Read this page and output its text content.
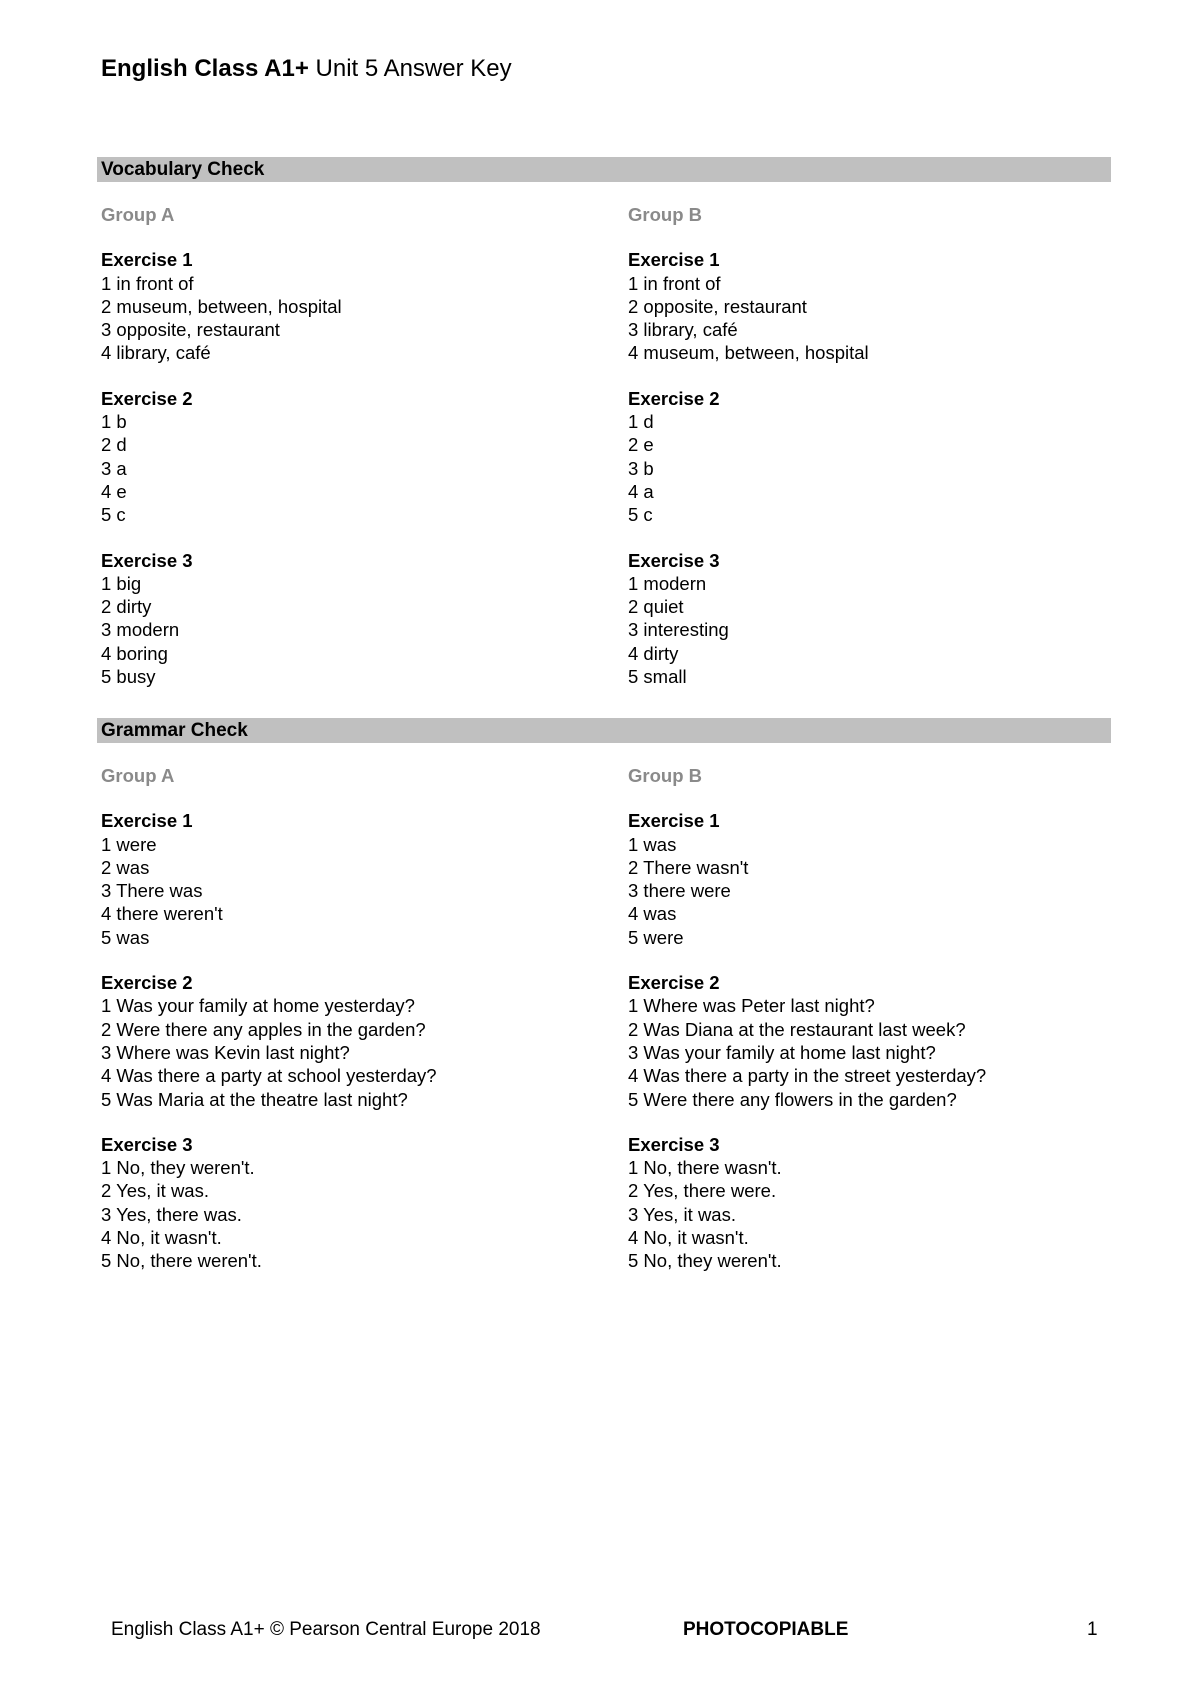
English Class A1+ Unit 5 Answer Key
Vocabulary Check
Group A
Exercise 1
1 in front of
2 museum, between, hospital
3 opposite, restaurant
4 library, café
Exercise 2
1 b
2 d
3 a
4 e
5 c
Exercise 3
1 big
2 dirty
3 modern
4 boring
5 busy
Group B
Exercise 1
1 in front of
2 opposite, restaurant
3 library, café
4 museum, between, hospital
Exercise 2
1 d
2 e
3 b
4 a
5 c
Exercise 3
1 modern
2 quiet
3 interesting
4 dirty
5 small
Grammar Check
Group A
Exercise 1
1 were
2 was
3 There was
4 there weren't
5 was
Exercise 2
1 Was your family at home yesterday?
2 Were there any apples in the garden?
3 Where was Kevin last night?
4 Was there a party at school yesterday?
5 Was Maria at the theatre last night?
Exercise 3
1 No, they weren't.
2 Yes, it was.
3 Yes, there was.
4 No, it wasn't.
5 No, there weren't.
Group B
Exercise 1
1 was
2 There wasn't
3 there were
4 was
5 were
Exercise 2
1 Where was Peter last night?
2 Was Diana at the restaurant last week?
3 Was your family at home last night?
4 Was there a party in the street yesterday?
5 Were there any flowers in the garden?
Exercise 3
1 No, there wasn't.
2 Yes, there were.
3 Yes, it was.
4 No, it wasn't.
5 No, they weren't.
English Class A1+ © Pearson Central Europe 2018	PHOTOCOPIABLE	1
